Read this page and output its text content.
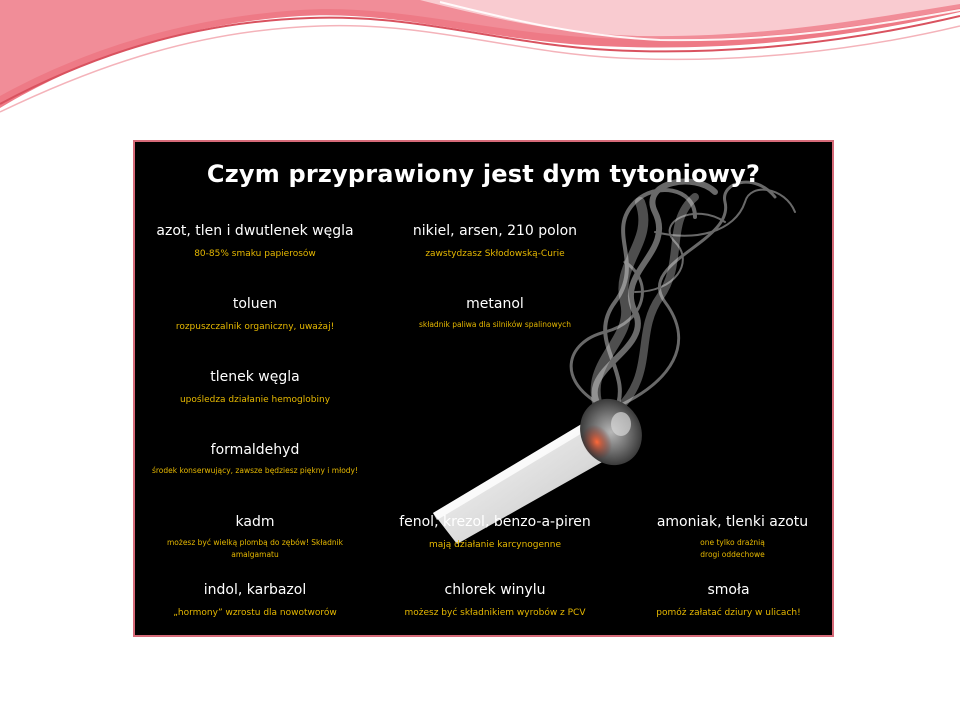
Czym przyprawiony jest dym tytoniowy?
azot, tlen i dwutlenek węgla
80-85% smaku papierosów
nikiel, arsen, 210 polon
zawstydzasz Skłodowską-Curie
toluen
rozpuszczalnik organiczny, uważaj!
metanol
składnik paliwa dla silników spalinowych
tlenek węgla
upośledza działanie hemoglobiny
formaldehyd
środek konserwujący, zawsze będziesz piękny i młody!
kadm
możesz być wielką plombą do zębów! Składnik amalgamatu
fenol, krezol, benzo-a-piren
mają działanie karcynogenne
amoniak, tlenki azotu
one tylko drażnią drogi oddechowe
indol, karbazol
„hormony” wzrostu dla nowotworów
chlorek winylu
możesz być składnikiem wyrobów z PCV
smoła
pomóż załatać dziury w ulicach!
